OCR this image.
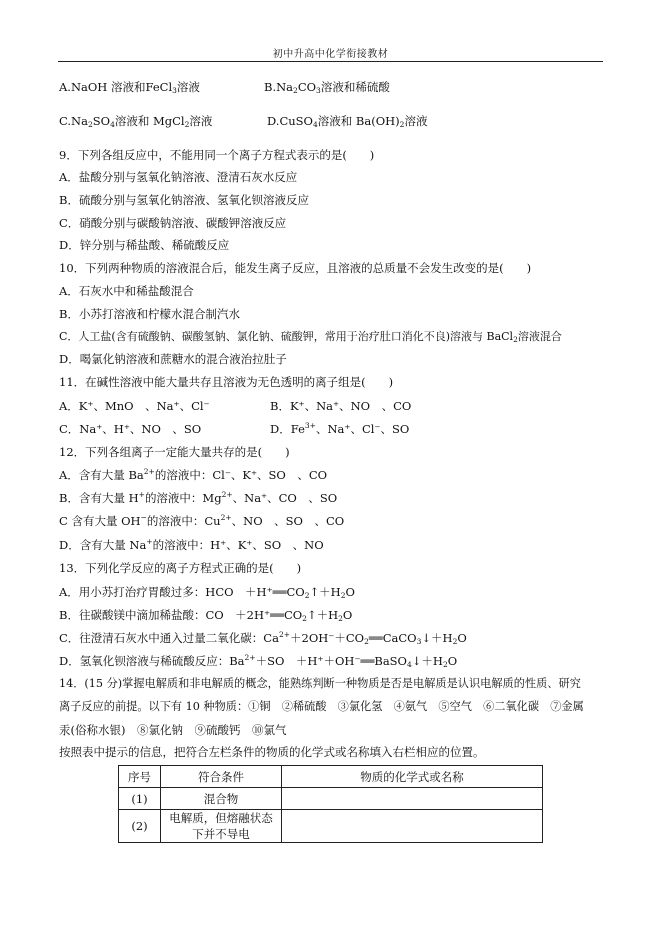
初中升高中化学衔接教材
A.NaOH 溶液和FeCl$_3$溶液	$B.Na_2CO_3$溶液和稀硫酸
$C.Na_2SO_4$溶液和 MgCl$_2$溶液	D.CuSO$_4$溶液和 $Ba(OH)_2$溶液
9．下列各组反应中，不能用同一个离子方程式表示的是(　　)
A．盐酸分别与氢氧化钠溶液、澄清石灰水反应
B．硫酸分别与氢氧化钠溶液、氢氧化钡溶液反应
C．硝酸分别与碳酸钠溶液、碳酸钾溶液反应
D．锌分别与稀盐酸、稀硫酸反应
10．下列两种物质的溶液混合后，能发生离子反应，且溶液的总质量不会发生改变的是(　　)
A．石灰水中和稀盐酸混合
B．小苏打溶液和柠檬水混合制汽水
C．人工盐(含有硫酸钠、碳酸氢钠、氯化钠、硫酸钾，常用于治疗肚口消化不良)溶液与 BaCl$_2$溶液混合
D．喝氯化钠溶液和蔗糖水的混合液治拉肚子
11．在碱性溶液中能大量共存且溶液为无色透明的离子组是(　　)
A．K⁺、MnO　、Na⁺、Cl⁻	B．K⁺、Na⁺、NO　、CO
C．Na⁺、H⁺、NO　、SO	D．$Fe^{3+}$、Na⁺、Cl⁻、SO
12．下列各组离子一定能大量共存的是(　　)
A．含有大量 $Ba^{2+}$的溶液中：Cl⁻、K⁺、SO　、CO
B．含有大量 H+的溶液中：$Mg^{2+}$、Na⁺、CO　、SO
C 含有大量 OH−的溶液中：$Cu^{2+}$、NO　、SO　、CO
D．含有大量 Na+的溶液中：H⁺、K⁺、SO　、NO
13．下列化学反应的离子方程式正确的是(　　)
A．用小苏打治疗胃酸过多：HCO　$+H^+══CO_2↑+H_2O$
B．往碳酸镁中滴加稀盐酸：CO　$+2H^+══CO_2↑+H_2O$
C．往澄清石灰水中通入过量二氧化碳：$Ca^{2+}+2OH^-+CO_2══CaCO_3↓+H_2O$
D．氢氧化钡溶液与稀硫酸反应：$Ba^{2+}+SO$　$+H^++OH^-══BaSO_4↓+H_2O$
14．(15 分)掌握电解质和非电解质的概念，能熟练判断一种物质是否是电解质是认识电解质的性质、研究
离子反应的前提。以下有 10 种物质：①铜　②稀硫酸　③氯化氢　④氨气　⑤空气　⑥二氧化碳　⑦金属
汞(俗称水银)　⑧氯化钠　⑨硫酸钙　⑩氯气
按照表中提示的信息，把符合左栏条件的物质的化学式或名称填入右栏相应的位置。
序号	符合条件	物质的化学式或名称
(1)	混合物	
(2)	电解质，但熔融状态下并不导电	
